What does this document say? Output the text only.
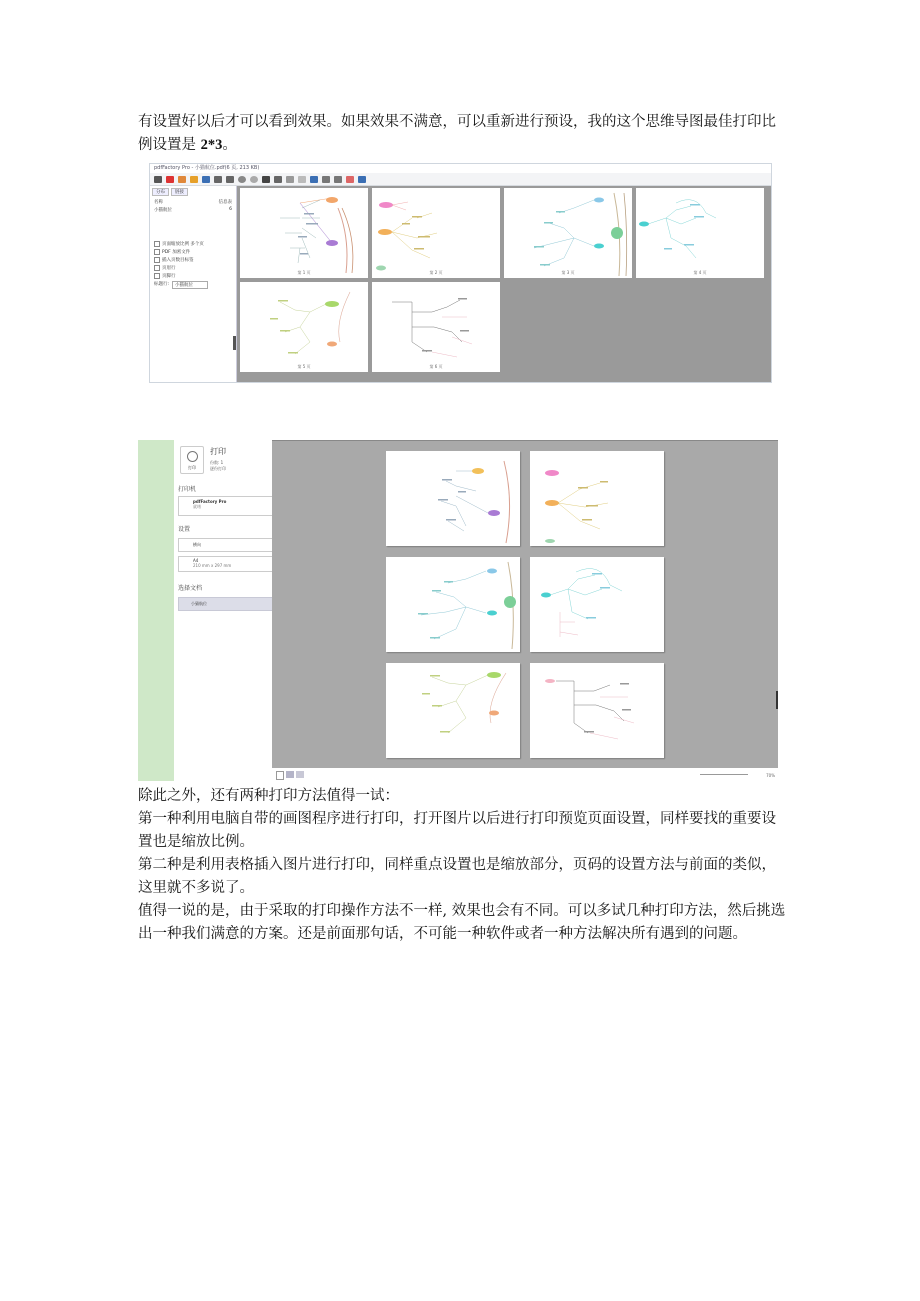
有设置好以后才可以看到效果。如果效果不满意，可以重新进行预设，我的这个思维导图最佳打印比例设置是 2*3。

pdfFactory Pro - 小猫航位.pdf(6 页, 213 KB)
分布	链接
名称	信息表
小猫航位	6
页面缩放比例 多个页
PDF 加密文件
插入页数目标签
页眉行
页脚行
标题行:	小猫航位
第 1 页	第 2 页	第 3 页	第 4 页
第 5 页	第 6 页
打印
打印
份数: 1
逐份打印
打印机
pdfFactory Pro
就绪
设置
横向
A4
210 mm x 297 mm
选择文档
小猫航位
70%

除此之外，还有两种打印方法值得一试：

第一种利用电脑自带的画图程序进行打印，打开图片以后进行打印预览页面设置，同样要找的重要设置也是缩放比例。

第二种是利用表格插入图片进行打印，同样重点设置也是缩放部分，页码的设置方法与前面的类似，这里就不多说了。

值得一说的是，由于采取的打印操作方法不一样, 效果也会有不同。可以多试几种打印方法，然后挑选出一种我们满意的方案。还是前面那句话，不可能一种软件或者一种方法解决所有遇到的问题。
